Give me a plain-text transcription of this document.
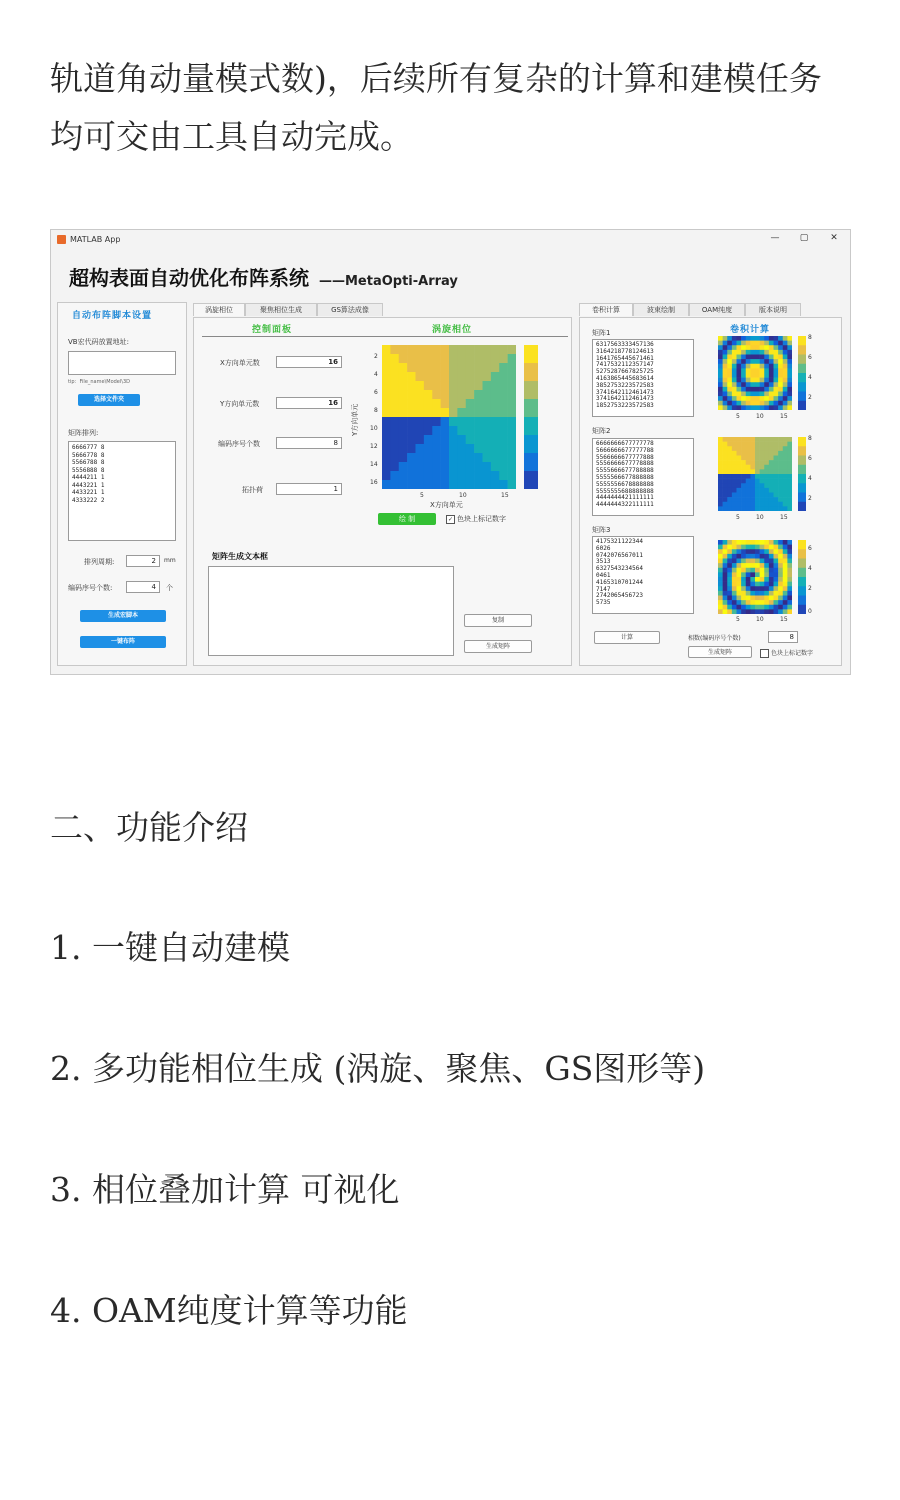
轨道角动量模式数)，后续所有复杂的计算和建模任务
均可交由工具自动完成。
MATLAB App	—	▢	✕
超构表面自动优化布阵系统 ——MetaOpti-Array
自动布阵脚本设置
VB宏代码放置地址:
tip：File_name\Model\3D
选择文件夹
矩阵排列:
6666777 8
5666778 8
5566788 8
5556888 8
4444211 1
4443221 1
4433221 1
4333222 2
排列周期:	2	mm
编码序号个数:	4	个
生成宏脚本
一键布阵
涡旋相位	聚焦相位生成	GS算法成像
控制面板	涡旋相位
X方向单元数	16
Y方向单元数	16
编码序号个数	8
拓扑荷	1
Y方向单元
2
4
6
8
10
12
14
16
5	10	15
X方向单元
绘 制	✓ 色块上标记数字
矩阵生成文本框
复制
生成矩阵
卷积计算	波束绘制	OAM纯度	版本说明
卷积计算
矩阵1
6317563333457136
3164218778124613
1641765445671461
7417532112357147
5275287667825725
4163865445683614
3852753223572583
3741642112461473
3741642112461473
1852753223572583
矩阵2
6666666677777778
5666666677777788
5566666677777888
5556666677778888
5555666677788888
5555566677888888
5555556678888888
5555555688888888
4444444421111111
4444444322111111
矩阵3
4175321122344
6026
0742076567011
3513
6327543234564
0461
4165310701244
7147
2742065456723
5735
5	10	15
5	10	15
5	10	15
8
6
4
2
8
6
4
2
6
4
2
0
计算	相数(编码序号个数)	8
生成矩阵	色块上标记数字
二、功能介绍
1. 一键自动建模
2. 多功能相位生成 (涡旋、聚焦、GS图形等)
3. 相位叠加计算 可视化
4. OAM纯度计算等功能
